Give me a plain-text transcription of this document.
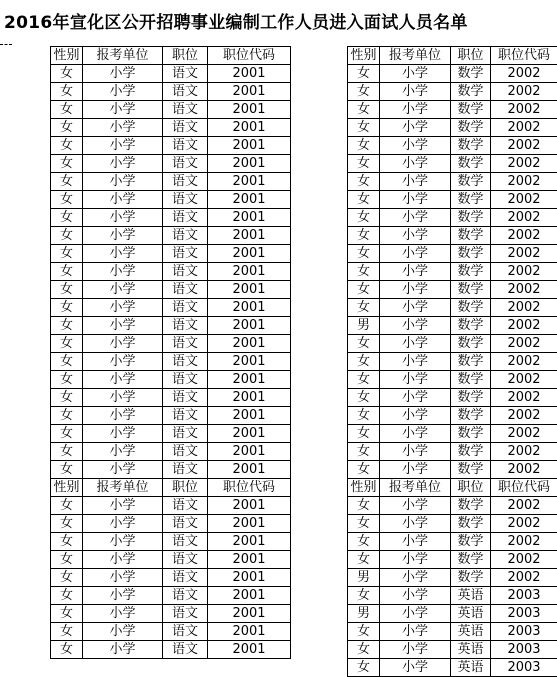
2016年宣化区公开招聘事业编制工作人员进入面试人员名单
性别	报考单位	职位	职位代码
女	小学	语文	2001
女	小学	语文	2001
女	小学	语文	2001
女	小学	语文	2001
女	小学	语文	2001
女	小学	语文	2001
女	小学	语文	2001
女	小学	语文	2001
女	小学	语文	2001
女	小学	语文	2001
女	小学	语文	2001
女	小学	语文	2001
女	小学	语文	2001
女	小学	语文	2001
女	小学	语文	2001
女	小学	语文	2001
女	小学	语文	2001
女	小学	语文	2001
女	小学	语文	2001
女	小学	语文	2001
女	小学	语文	2001
女	小学	语文	2001
女	小学	语文	2001
性别	报考单位	职位	职位代码
女	小学	语文	2001
女	小学	语文	2001
女	小学	语文	2001
女	小学	语文	2001
女	小学	语文	2001
女	小学	语文	2001
女	小学	语文	2001
女	小学	语文	2001
女	小学	语文	2001
性别	报考单位	职位	职位代码
女	小学	数学	2002
女	小学	数学	2002
女	小学	数学	2002
女	小学	数学	2002
女	小学	数学	2002
女	小学	数学	2002
女	小学	数学	2002
女	小学	数学	2002
女	小学	数学	2002
女	小学	数学	2002
女	小学	数学	2002
女	小学	数学	2002
女	小学	数学	2002
女	小学	数学	2002
男	小学	数学	2002
女	小学	数学	2002
女	小学	数学	2002
女	小学	数学	2002
女	小学	数学	2002
女	小学	数学	2002
女	小学	数学	2002
女	小学	数学	2002
女	小学	数学	2002
性别	报考单位	职位	职位代码
女	小学	数学	2002
女	小学	数学	2002
女	小学	数学	2002
女	小学	数学	2002
男	小学	数学	2002
女	小学	英语	2003
男	小学	英语	2003
女	小学	英语	2003
女	小学	英语	2003
女	小学	英语	2003
